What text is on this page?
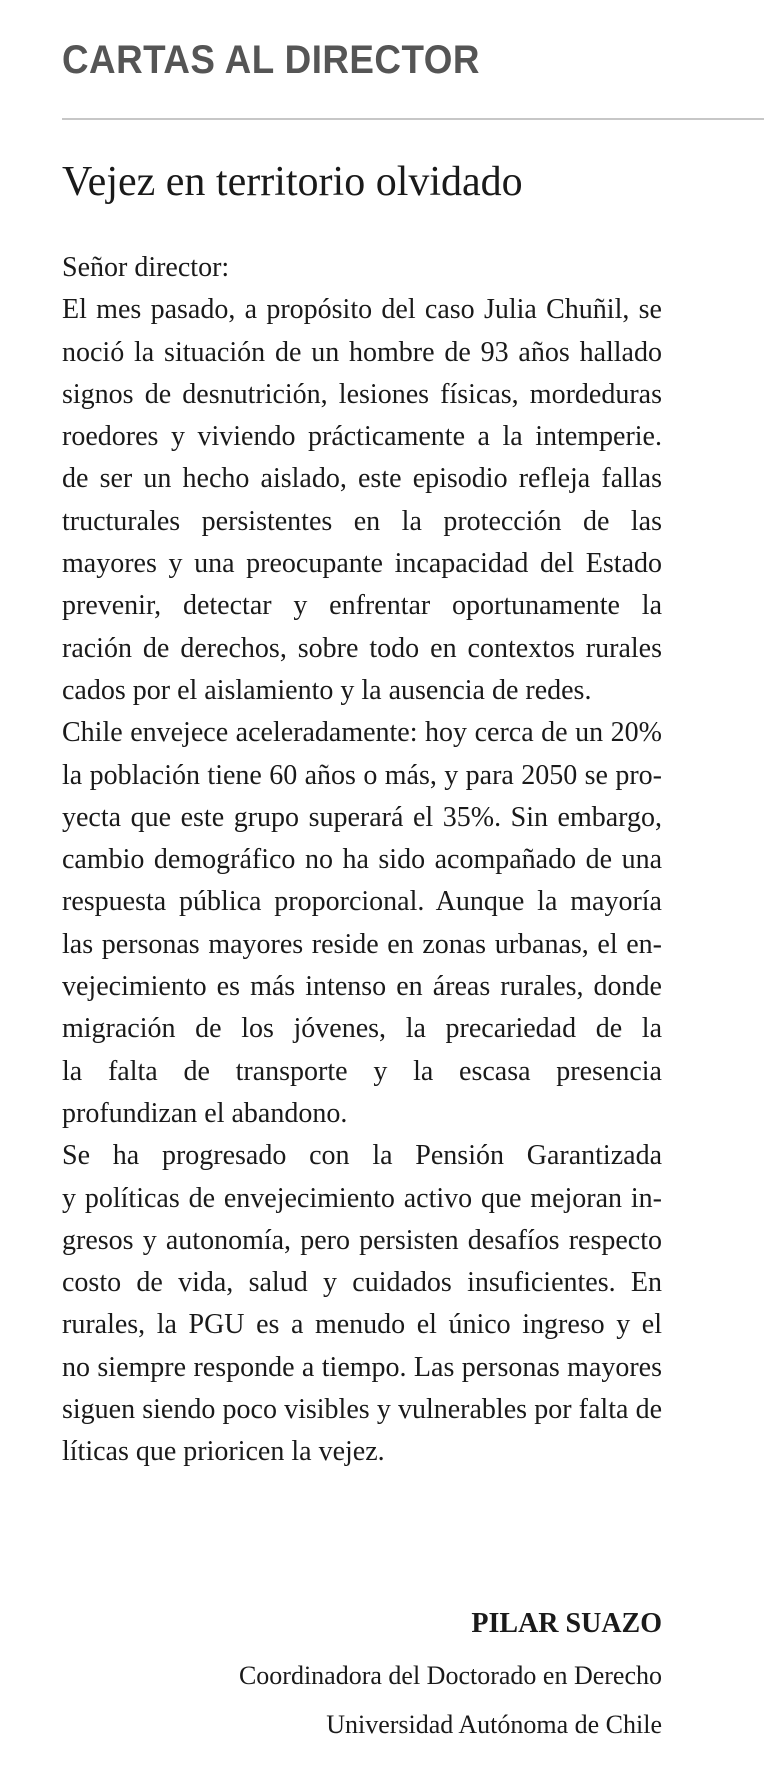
CARTAS AL DIRECTOR
Vejez en territorio olvidado
Señor director:
El mes pasado, a propósito del caso Julia Chuñil, se
noció la situación de un hombre de 93 años hallado
signos de desnutrición, lesiones físicas, mordeduras
roedores y viviendo prácticamente a la intemperie.
de ser un hecho aislado, este episodio refleja fallas
tructurales persistentes en la protección de las
mayores y una preocupante incapacidad del Estado
prevenir, detectar y enfrentar oportunamente la
ración de derechos, sobre todo en contextos rurales
cados por el aislamiento y la ausencia de redes.
Chile envejece aceleradamente: hoy cerca de un 20%
la población tiene 60 años o más, y para 2050 se pro-
yecta que este grupo superará el 35%. Sin embargo,
cambio demográfico no ha sido acompañado de una
respuesta pública proporcional. Aunque la mayoría
las personas mayores reside en zonas urbanas, el en-
vejecimiento es más intenso en áreas rurales, donde
migración de los jóvenes, la precariedad de la
la falta de transporte y la escasa presencia
profundizan el abandono.
Se ha progresado con la Pensión Garantizada
y políticas de envejecimiento activo que mejoran in-
gresos y autonomía, pero persisten desafíos respecto
costo de vida, salud y cuidados insuficientes. En
rurales, la PGU es a menudo el único ingreso y el
no siempre responde a tiempo. Las personas mayores
siguen siendo poco visibles y vulnerables por falta de
líticas que prioricen la vejez.
PILAR SUAZO
Coordinadora del Doctorado en Derecho
Universidad Autónoma de Chile
